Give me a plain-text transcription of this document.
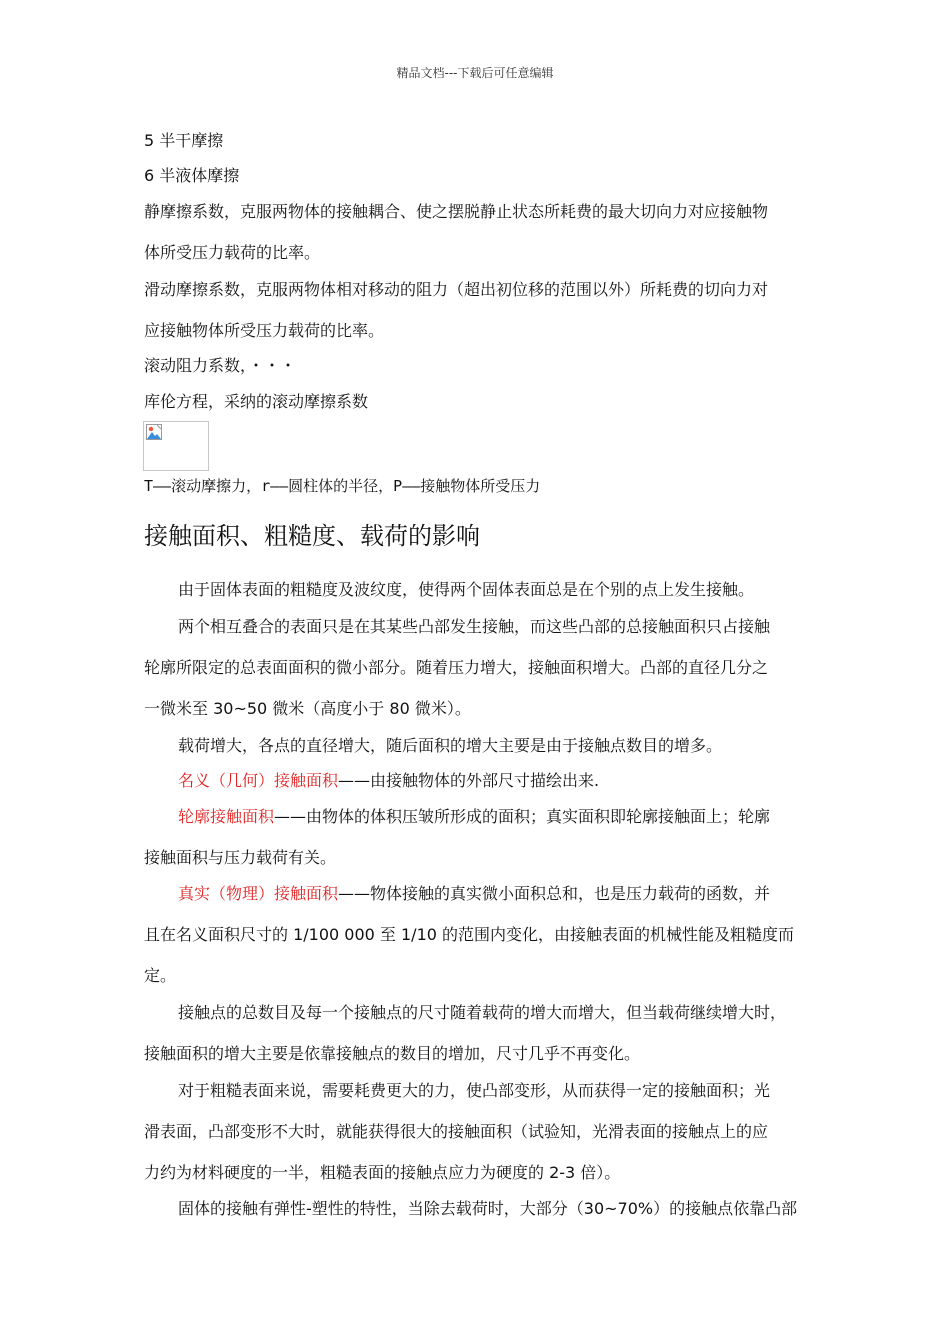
精品文档---下载后可任意编辑
5 半干摩擦
6 半液体摩擦
静摩擦系数，克服两物体的接触耦合、使之摆脱静止状态所耗费的最大切向力对应接触物
体所受压力载荷的比率。
滑动摩擦系数，克服两物体相对移动的阻力（超出初位移的范围以外）所耗费的切向力对
应接触物体所受压力载荷的比率。
滚动阻力系数，・・・
库伦方程，采纳的滚动摩擦系数
T——滚动摩擦力，r——圆柱体的半径，P——接触物体所受压力
接触面积、粗糙度、载荷的影响
由于固体表面的粗糙度及波纹度，使得两个固体表面总是在个别的点上发生接触。
两个相互叠合的表面只是在其某些凸部发生接触，而这些凸部的总接触面积只占接触
轮廓所限定的总表面面积的微小部分。随着压力增大，接触面积增大。凸部的直径几分之
一微米至 30~50 微米（高度小于 80 微米）。
载荷增大，各点的直径增大，随后面积的增大主要是由于接触点数目的增多。
名义（几何）接触面积——由接触物体的外部尺寸描绘出来.
轮廓接触面积——由物体的体积压皱所形成的面积；真实面积即轮廓接触面上；轮廓
接触面积与压力载荷有关。
真实（物理）接触面积——物体接触的真实微小面积总和，也是压力载荷的函数，并
且在名义面积尺寸的 1/100 000 至 1/10 的范围内变化，由接触表面的机械性能及粗糙度而
定。
接触点的总数目及每一个接触点的尺寸随着载荷的增大而增大，但当载荷继续增大时，
接触面积的增大主要是依靠接触点的数目的增加，尺寸几乎不再变化。
对于粗糙表面来说，需要耗费更大的力，使凸部变形，从而获得一定的接触面积；光
滑表面，凸部变形不大时，就能获得很大的接触面积（试验知，光滑表面的接触点上的应
力约为材料硬度的一半，粗糙表面的接触点应力为硬度的 2-3 倍）。
固体的接触有弹性-塑性的特性，当除去载荷时，大部分（30~70%）的接触点依靠凸部
